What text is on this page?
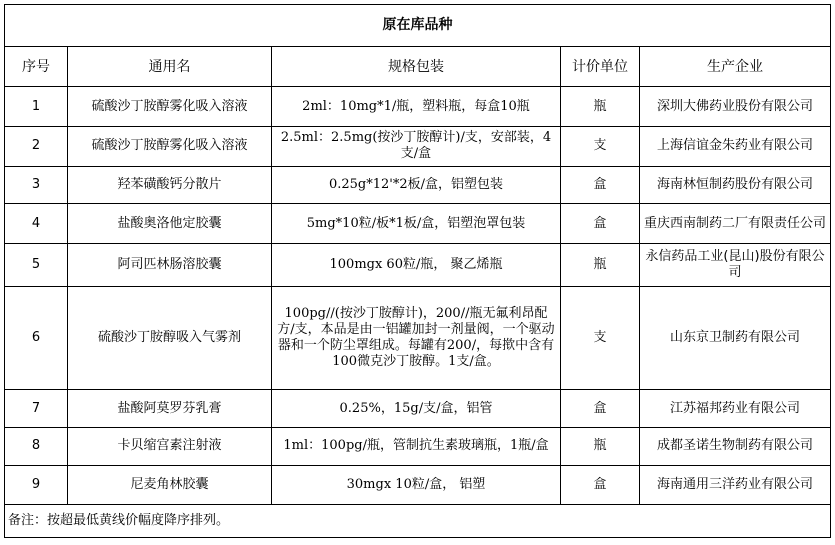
原在库品种				
序号	通用名	规格包装	计价单位	生产企业
1	硫酸沙丁胺醇雾化吸入溶液	2ml：10mg*1/瓶，塑料瓶，每盒10瓶	瓶	深圳大佛药业股份有限公司
2	硫酸沙丁胺醇雾化吸入溶液	2.5ml：2.5mg(按沙丁胺醇计)/支，安部装，4支/盒	支	上海信谊金朱药业有限公司
3	羟苯磺酸钙分散片	0.25g*12'*2板/盒，铝塑包装	盒	海南林恒制药股份有限公司
4	盐酸奥洛他定胶囊	5mg*10粒/板*1板/盒，铝塑泡罩包装	盒	重庆西南制药二厂有限责任公司
5	阿司匹林肠溶胶囊	100mgx 60粒/瓶， 聚乙烯瓶	瓶	永信药品工业(昆山)股份有限公司
6	硫酸沙丁胺醇吸入气雾剂	100pg//(按沙丁胺醇计)，200//瓶无氟利昂配方/支，本品是由一铝罐加封一剂量阀，一个驱动器和一个防尘罩组成。每罐有200/，每揿中含有100微克沙丁胺醇。1支/盒。	支	山东京卫制药有限公司
7	盐酸阿莫罗芬乳膏	0.25%，15g/支/盒，铝管	盒	江苏福邦药业有限公司
8	卡贝缩宫素注射液	1ml：100pg/瓶，管制抗生素玻璃瓶，1瓶/盒	瓶	成都圣诺生物制药有限公司
9	尼麦角林胶囊	30mgx 10粒/盒， 铝塑	盒	海南通用三洋药业有限公司
备注：按超最低黄线价幅度降序排列。				
